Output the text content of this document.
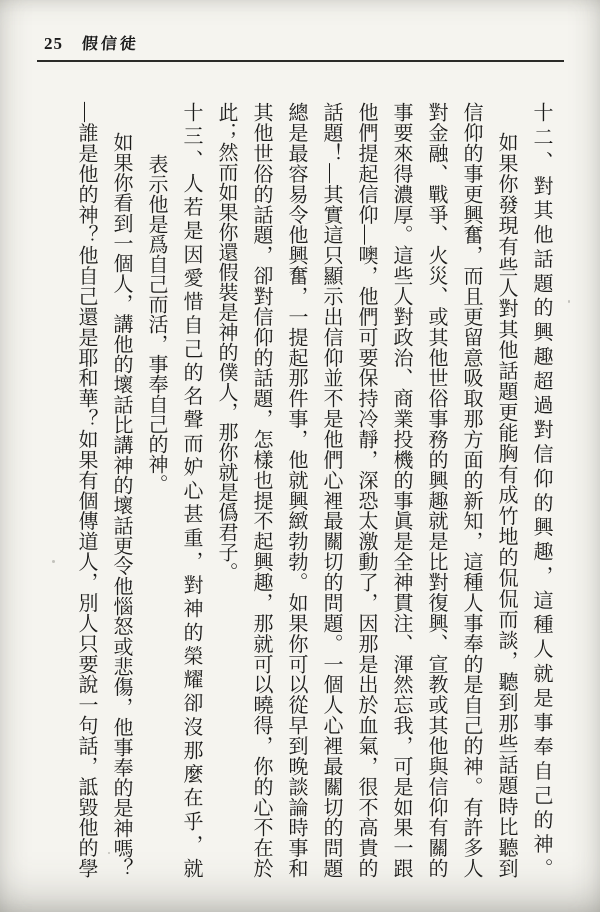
25 假信徒
十二、對其他話題的興趣超過對信仰的興趣，這種人就是事奉自己的神。
如果你發現有些人對其他話題更能胸有成竹地的侃侃而談，聽到那些話題時比聽到
信仰的事更興奮，而且更留意吸取那方面的新知，這種人事奉的是自己的神。有許多人
對金融、戰爭、火災、或其他世俗事務的興趣就是比對復興、宣教或其他與信仰有關的
事要來得濃厚。這些人對政治、商業投機的事眞是全神貫注、渾然忘我，可是如果一跟
他們提起信仰—噢，他們可要保持冷靜，深恐太激動了，因那是出於血氣，很不高貴的
話題！—其實這只顯示出信仰並不是他們心裡最關切的問題。一個人心裡最關切的問題
總是最容易令他興奮，一提起那件事，他就興緻勃勃。如果你可以從早到晚談論時事和
其他世俗的話題，卻對信仰的話題，怎樣也提不起興趣，那就可以曉得，你的心不在於
此；然而如果你還假裝是神的僕人，那你就是僞君子。
十三、人若是因愛惜自己的名聲而妒心甚重，對神的榮耀卻沒那麼在乎，就
表示他是爲自己而活，事奉自己的神。
如果你看到一個人，講他的壞話比講神的壞話更令他惱怒或悲傷，他事奉的是神嗎？
—誰是他的神？他自己還是耶和華？如果有個傳道人，別人只要說一句話，詆毀他的學
